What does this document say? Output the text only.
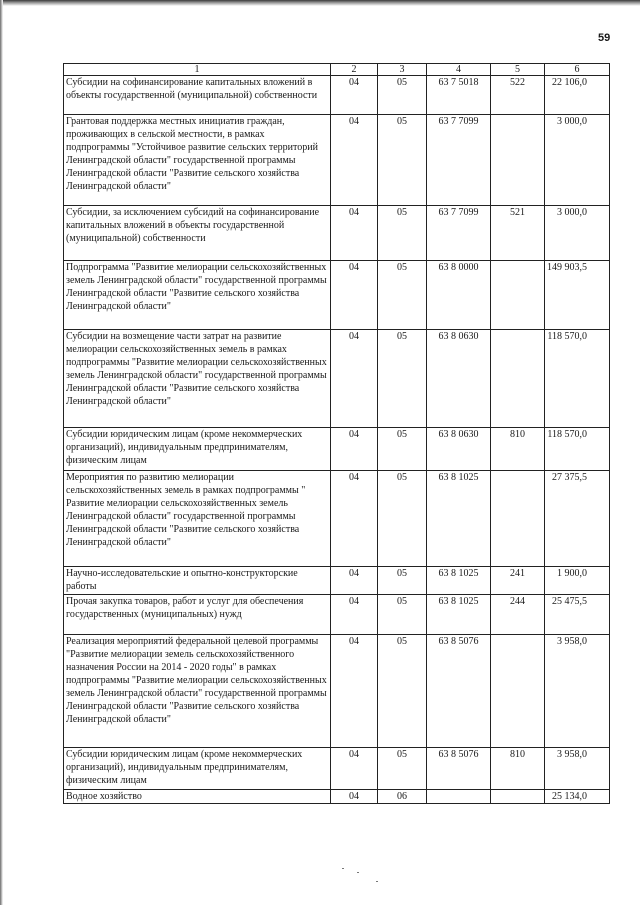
59
1	2	3	4	5	6
Субсидии на софинансирование капитальных вложений в объекты государственной (муниципальной) собственности	04	05	63 7 5018	522	22 106,0
Грантовая поддержка местных инициатив граждан, проживающих в сельской местности, в рамках подпрограммы "Устойчивое развитие сельских территорий Ленинградской области" государственной программы Ленинградской области "Развитие сельского хозяйства Ленинградской области"	04	05	63 7 7099		3 000,0
Субсидии, за исключением субсидий на софинансирование капитальных вложений в объекты государственной (муниципальной) собственности	04	05	63 7 7099	521	3 000,0
Подпрограмма "Развитие мелиорации сельскохозяйственных земель Ленинградской области" государственной программы Ленинградской области "Развитие сельского хозяйства Ленинградской области"	04	05	63 8 0000		149 903,5
Субсидии на возмещение части затрат на развитие мелиорации сельскохозяйственных земель в рамках подпрограммы "Развитие мелиорации сельскохозяйственных земель Ленинградской области" государственной программы Ленинградской области "Развитие сельского хозяйства Ленинградской области"	04	05	63 8 0630		118 570,0
Субсидии юридическим лицам (кроме некоммерческих организаций), индивидуальным предпринимателям, физическим лицам	04	05	63 8 0630	810	118 570,0
Мероприятия по развитию мелиорации сельскохозяйственных земель в рамках подпрограммы " Развитие мелиорации сельскохозяйственных земель Ленинградской области" государственной программы Ленинградской области "Развитие сельского хозяйства Ленинградской области"	04	05	63 8 1025		27 375,5
Научно-исследовательские и опытно-конструкторские работы	04	05	63 8 1025	241	1 900,0
Прочая закупка товаров, работ и услуг для обеспечения государственных (муниципальных) нужд	04	05	63 8 1025	244	25 475,5
Реализация мероприятий федеральной целевой программы "Развитие мелиорации земель сельскохозяйственного назначения России на 2014 - 2020 годы" в рамках подпрограммы "Развитие мелиорации сельскохозяйственных земель Ленинградской области" государственной программы Ленинградской области "Развитие сельского хозяйства Ленинградской области"	04	05	63 8 5076		3 958,0
Субсидии юридическим лицам (кроме некоммерческих организаций), индивидуальным предпринимателям, физическим лицам	04	05	63 8 5076	810	3 958,0
Водное хозяйство	04	06			25 134,0
